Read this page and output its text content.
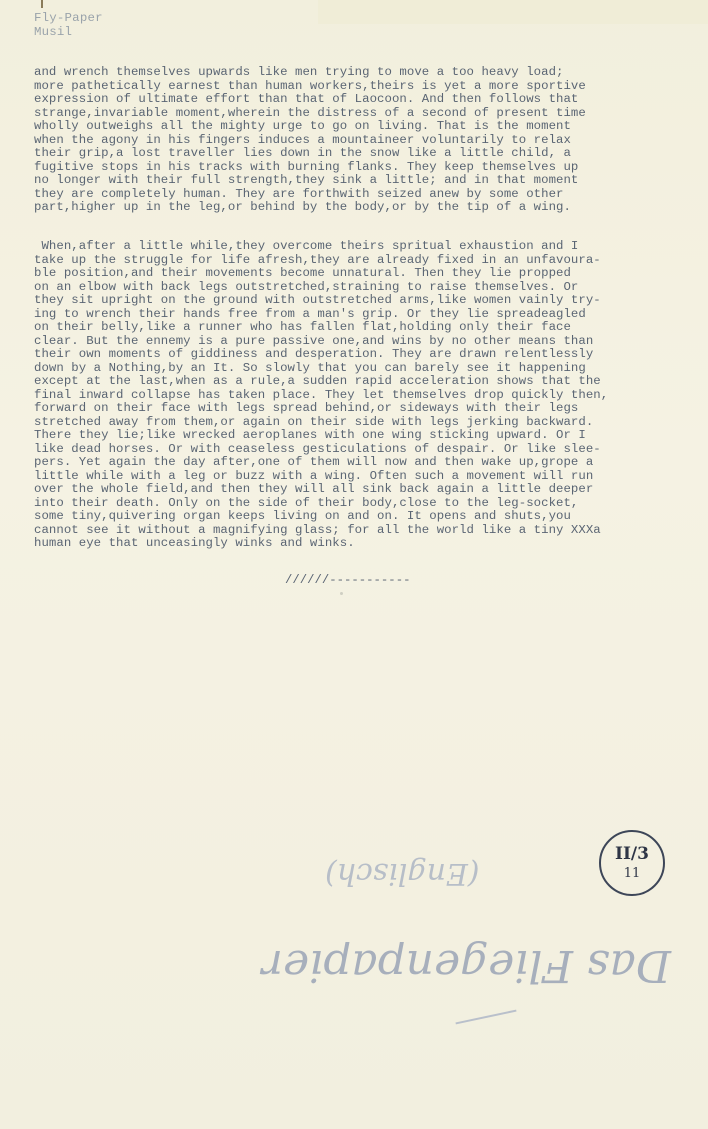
Fly-Paper
Musil
and wrench themselves upwards like men trying to move a too heavy load;
more pathetically earnest than human workers,theirs is yet a more sportive
expression of ultimate effort than that of Laocoon. And then follows that
strange,invariable moment,wherein the distress of a second of present time
wholly outweighs all the mighty urge to go on living. That is the moment
when the agony in his fingers induces a mountaineer voluntarily to relax
their grip,a lost traveller lies down in the snow like a little child, a
fugitive stops in his tracks with burning flanks. They keep themselves up
no longer with their full strength,they sink a little; and in that moment
they are completely human. They are forthwith seized anew by some other
part,higher up in the leg,or behind by the body,or by the tip of a wing.
When,after a little while,they overcome theirs spritual exhaustion and I
take up the struggle for life afresh,they are already fixed in an unfavoura-
ble position,and their movements become unnatural. Then they lie propped
on an elbow with back legs outstretched,straining to raise themselves. Or
they sit upright on the ground with outstretched arms,like women vainly try-
ing to wrench their hands free from a man's grip. Or they lie spreadeagled
on their belly,like a runner who has fallen flat,holding only their face
clear. But the ennemy is a pure passive one,and wins by no other means than
their own moments of giddiness and desperation. They are drawn relentlessly
down by a Nothing,by an It. So slowly that you can barely see it happening
except at the last,when as a rule,a sudden rapid acceleration shows that the
final inward collapse has taken place. They let themselves drop quickly then,
forward on their face with legs spread behind,or sideways with their legs
stretched away from them,or again on their side with legs jerking backward.
There they lie;like wrecked aeroplanes with one wing sticking upward. Or I
like dead horses. Or with ceaseless gesticulations of despair. Or like slee-
pers. Yet again the day after,one of them will now and then wake up,grope a
little while with a leg or buzz with a wing. Often such a movement will run
over the whole field,and then they will all sink back again a little deeper
into their death. Only on the side of their body,close to the leg-socket,
some tiny,quivering organ keeps living on and on. It opens and shuts,you
cannot see it without a magnifying glass; for all the world like a tiny XXXa
human eye that unceasingly winks and winks.
//////-----------
II/3
11
(Englisch)
Das Fliegenpapier
